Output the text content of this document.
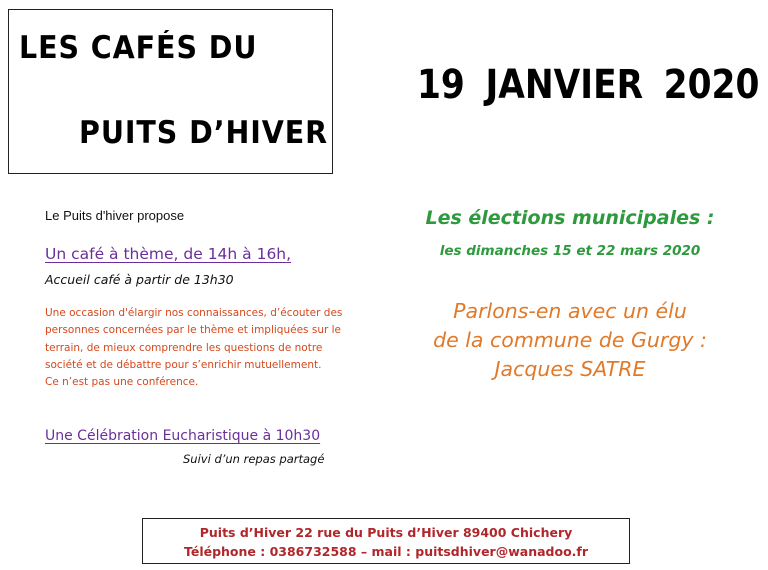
LES CAFÉS DU
PUITS D’HIVER
19 JANVIER 2020
Le Puits d'hiver propose
Un café à thème, de 14h à 16h,
Accueil café à partir de 13h30
Une occasion d'élargir nos connaissances, d’écouter des
personnes concernées par le thème et impliquées sur le
terrain, de mieux comprendre les questions de notre
société et de débattre pour s’enrichir mutuellement.
Ce n’est pas une conférence.
Une Célébration Eucharistique à 10h30
Suivi d’un repas partagé
Les élections municipales :
les dimanches 15 et 22 mars 2020
Parlons-en avec un élu
de la commune de Gurgy :
Jacques SATRE
Puits d’Hiver 22 rue du Puits d’Hiver 89400 Chichery
Téléphone : 0386732588 – mail : puitsdhiver@wanadoo.fr
